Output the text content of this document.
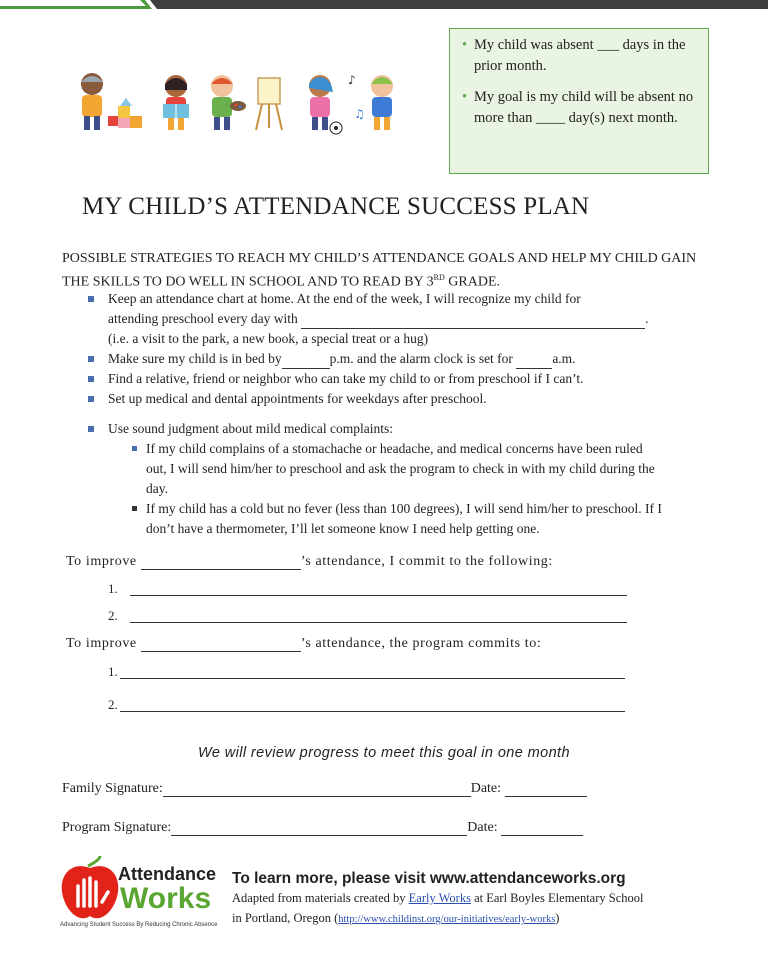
♪
♫
• My child was absent ___ days in the prior month.
• My goal is my child will be absent no more than ____ day(s) next month.
MY CHILD’S ATTENDANCE SUCCESS PLAN
POSSIBLE STRATEGIES TO REACH MY CHILD’S ATTENDANCE GOALS AND HELP MY CHILD GAIN THE SKILLS TO DO WELL IN SCHOOL AND TO READ BY 3RD GRADE.
Keep an attendance chart at home. At the end of the week, I will recognize my child for
attending preschool every day with	.
(i.e. a visit to the park, a new book, a special treat or a hug)
Make sure my child is in bed by	p.m. and the alarm clock is set for	a.m.
Find a relative, friend or neighbor who can take my child to or from preschool if I can’t.
Set up medical and dental appointments for weekdays after preschool.
Use sound judgment about mild medical complaints:
If my child complains of a stomachache or headache, and medical concerns have been ruled out, I will send him/her to preschool and ask the program to check in with my child during the day.
If my child has a cold but no fever (less than 100 degrees), I will send him/her to preschool. If I don’t have a thermometer, I’ll let someone know I need help getting one.
To improve	’s attendance, I commit to the following:
1.
2.
To improve	’s attendance, the program commits to:
1.
2.
We will review progress to meet this goal in one month
Family Signature:	Date:
Program Signature:	Date:
Attendance
Works
Advancing Student Success By Reducing Chronic Absence
To learn more, please visit www.attendanceworks.org
Adapted from materials created by Early Works at Earl Boyles Elementary School
in Portland, Oregon (http://www.childinst.org/our-initiatives/early-works)
